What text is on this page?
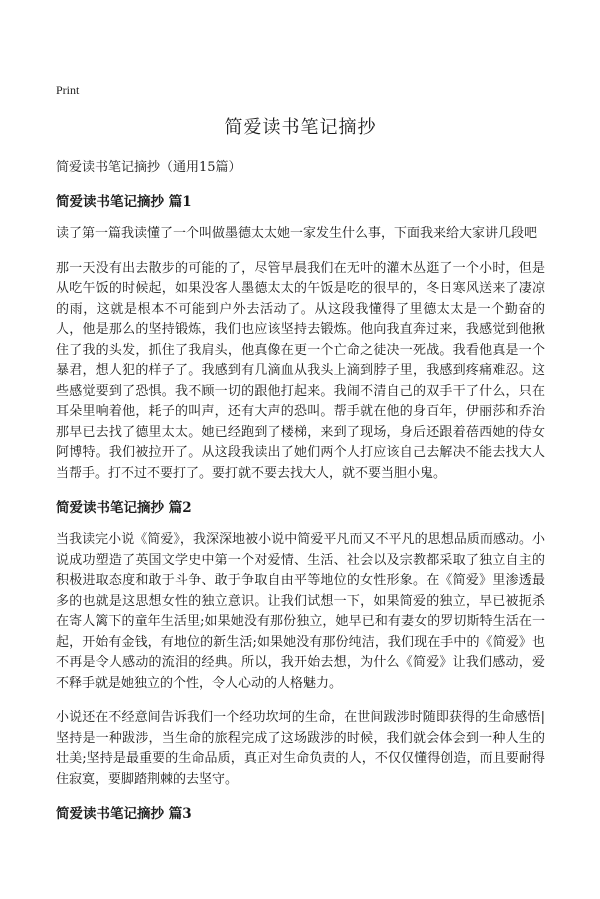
Print
简爱读书笔记摘抄
简爱读书笔记摘抄（通用15篇）
简爱读书笔记摘抄 篇1

读了第一篇我读懂了一个叫做墨德太太她一家发生什么事，下面我来给大家讲几段吧

那一天没有出去散步的可能的了，尽管早晨我们在无叶的灌木丛逛了一个小时，但是从吃午饭的时候起，如果没客人墨德太太的午饭是吃的很早的，冬日寒风送来了凄凉的雨，这就是根本不可能到户外去活动了。从这段我懂得了里德太太是一个勤奋的人，他是那么的坚持锻炼，我们也应该坚持去锻炼。他向我直奔过来，我感觉到他揪住了我的头发，抓住了我肩头，他真像在更一个亡命之徒决一死战。我看他真是一个暴君，想人犯的样子了。我感到有几滴血从我头上滴到脖子里，我感到疼痛难忍。这些感觉要到了恐惧。我不顾一切的跟他打起来。我闹不清自己的双手干了什么，只在耳朵里响着他，耗子的叫声，还有大声的恐叫。帮手就在他的身百年，伊丽莎和乔治那早已去找了德里太太。她已经跑到了楼梯，来到了现场，身后还跟着蓓西她的侍女阿博特。我们被拉开了。从这段我读出了她们两个人打应该自己去解决不能去找大人当帮手。打不过不要打了。要打就不要去找大人，就不要当胆小鬼。

简爱读书笔记摘抄 篇2

当我读完小说《简爱》，我深深地被小说中简爱平凡而又不平凡的思想品质而感动。小说成功塑造了英国文学史中第一个对爱情、生活、社会以及宗教都采取了独立自主的积极进取态度和敢于斗争、敢于争取自由平等地位的女性形象。在《简爱》里渗透最多的也就是这思想女性的独立意识。让我们试想一下，如果简爱的独立，早已被扼杀在寄人篱下的童年生活里;如果她没有那份独立，她早已和有妻女的罗切斯特生活在一起，开始有金钱，有地位的新生活;如果她没有那份纯洁，我们现在手中的《简爱》也不再是令人感动的流泪的经典。所以，我开始去想，为什么《简爱》让我们感动，爱不释手就是她独立的个性，令人心动的人格魅力。

小说还在不经意间告诉我们一个经功坎坷的生命，在世间跋涉时随即获得的生命感悟|坚持是一种跋涉，当生命的旅程完成了这场跋涉的时候，我们就会体会到一种人生的壮美;坚持是最重要的生命品质，真正对生命负责的人，不仅仅懂得创造，而且要耐得住寂寞，要脚踏荆棘的去坚守。

简爱读书笔记摘抄 篇3
